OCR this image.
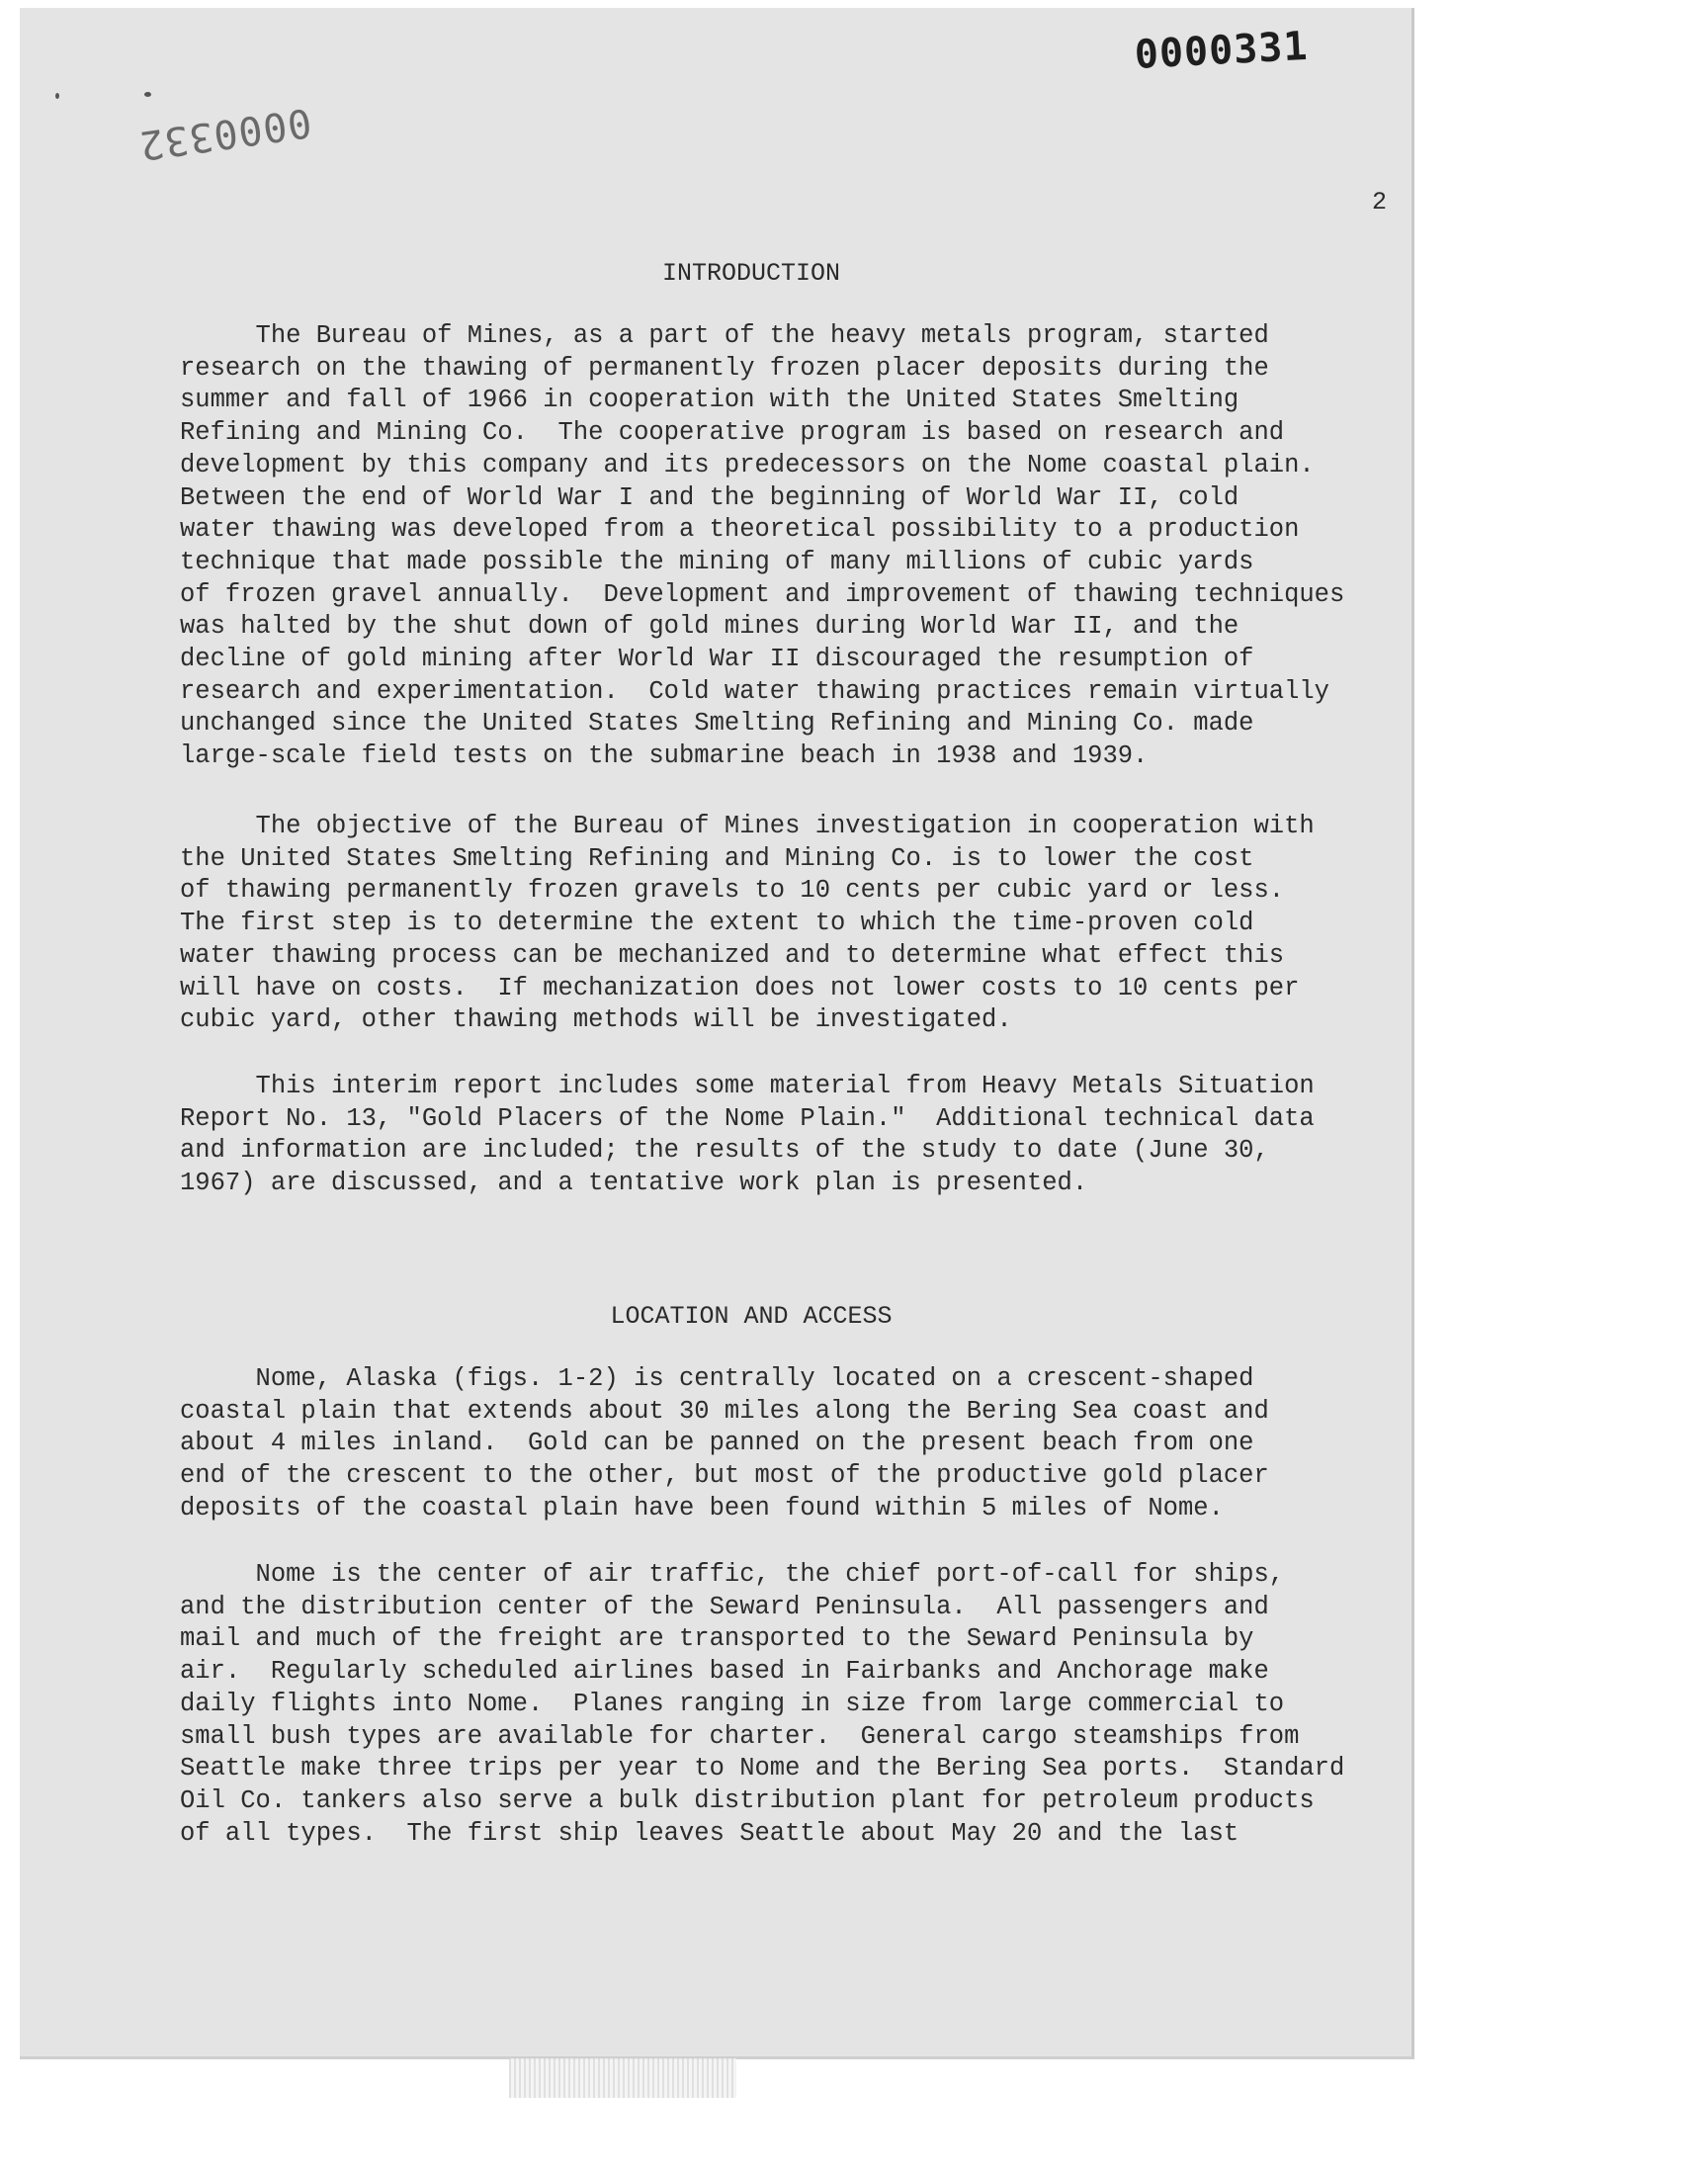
0000331
0000332
2
INTRODUCTION
The Bureau of Mines, as a part of the heavy metals program, started
research on the thawing of permanently frozen placer deposits during the
summer and fall of 1966 in cooperation with the United States Smelting
Refining and Mining Co.  The cooperative program is based on research and
development by this company and its predecessors on the Nome coastal plain.
Between the end of World War I and the beginning of World War II, cold
water thawing was developed from a theoretical possibility to a production
technique that made possible the mining of many millions of cubic yards
of frozen gravel annually.  Development and improvement of thawing techniques
was halted by the shut down of gold mines during World War II, and the
decline of gold mining after World War II discouraged the resumption of
research and experimentation.  Cold water thawing practices remain virtually
unchanged since the United States Smelting Refining and Mining Co. made
large-scale field tests on the submarine beach in 1938 and 1939.
The objective of the Bureau of Mines investigation in cooperation with
the United States Smelting Refining and Mining Co. is to lower the cost
of thawing permanently frozen gravels to 10 cents per cubic yard or less.
The first step is to determine the extent to which the time-proven cold
water thawing process can be mechanized and to determine what effect this
will have on costs.  If mechanization does not lower costs to 10 cents per
cubic yard, other thawing methods will be investigated.
This interim report includes some material from Heavy Metals Situation
Report No. 13, "Gold Placers of the Nome Plain."  Additional technical data
and information are included; the results of the study to date (June 30,
1967) are discussed, and a tentative work plan is presented.
LOCATION AND ACCESS
Nome, Alaska (figs. 1-2) is centrally located on a crescent-shaped
coastal plain that extends about 30 miles along the Bering Sea coast and
about 4 miles inland.  Gold can be panned on the present beach from one
end of the crescent to the other, but most of the productive gold placer
deposits of the coastal plain have been found within 5 miles of Nome.
Nome is the center of air traffic, the chief port-of-call for ships,
and the distribution center of the Seward Peninsula.  All passengers and
mail and much of the freight are transported to the Seward Peninsula by
air.  Regularly scheduled airlines based in Fairbanks and Anchorage make
daily flights into Nome.  Planes ranging in size from large commercial to
small bush types are available for charter.  General cargo steamships from
Seattle make three trips per year to Nome and the Bering Sea ports.  Standard
Oil Co. tankers also serve a bulk distribution plant for petroleum products
of all types.  The first ship leaves Seattle about May 20 and the last
